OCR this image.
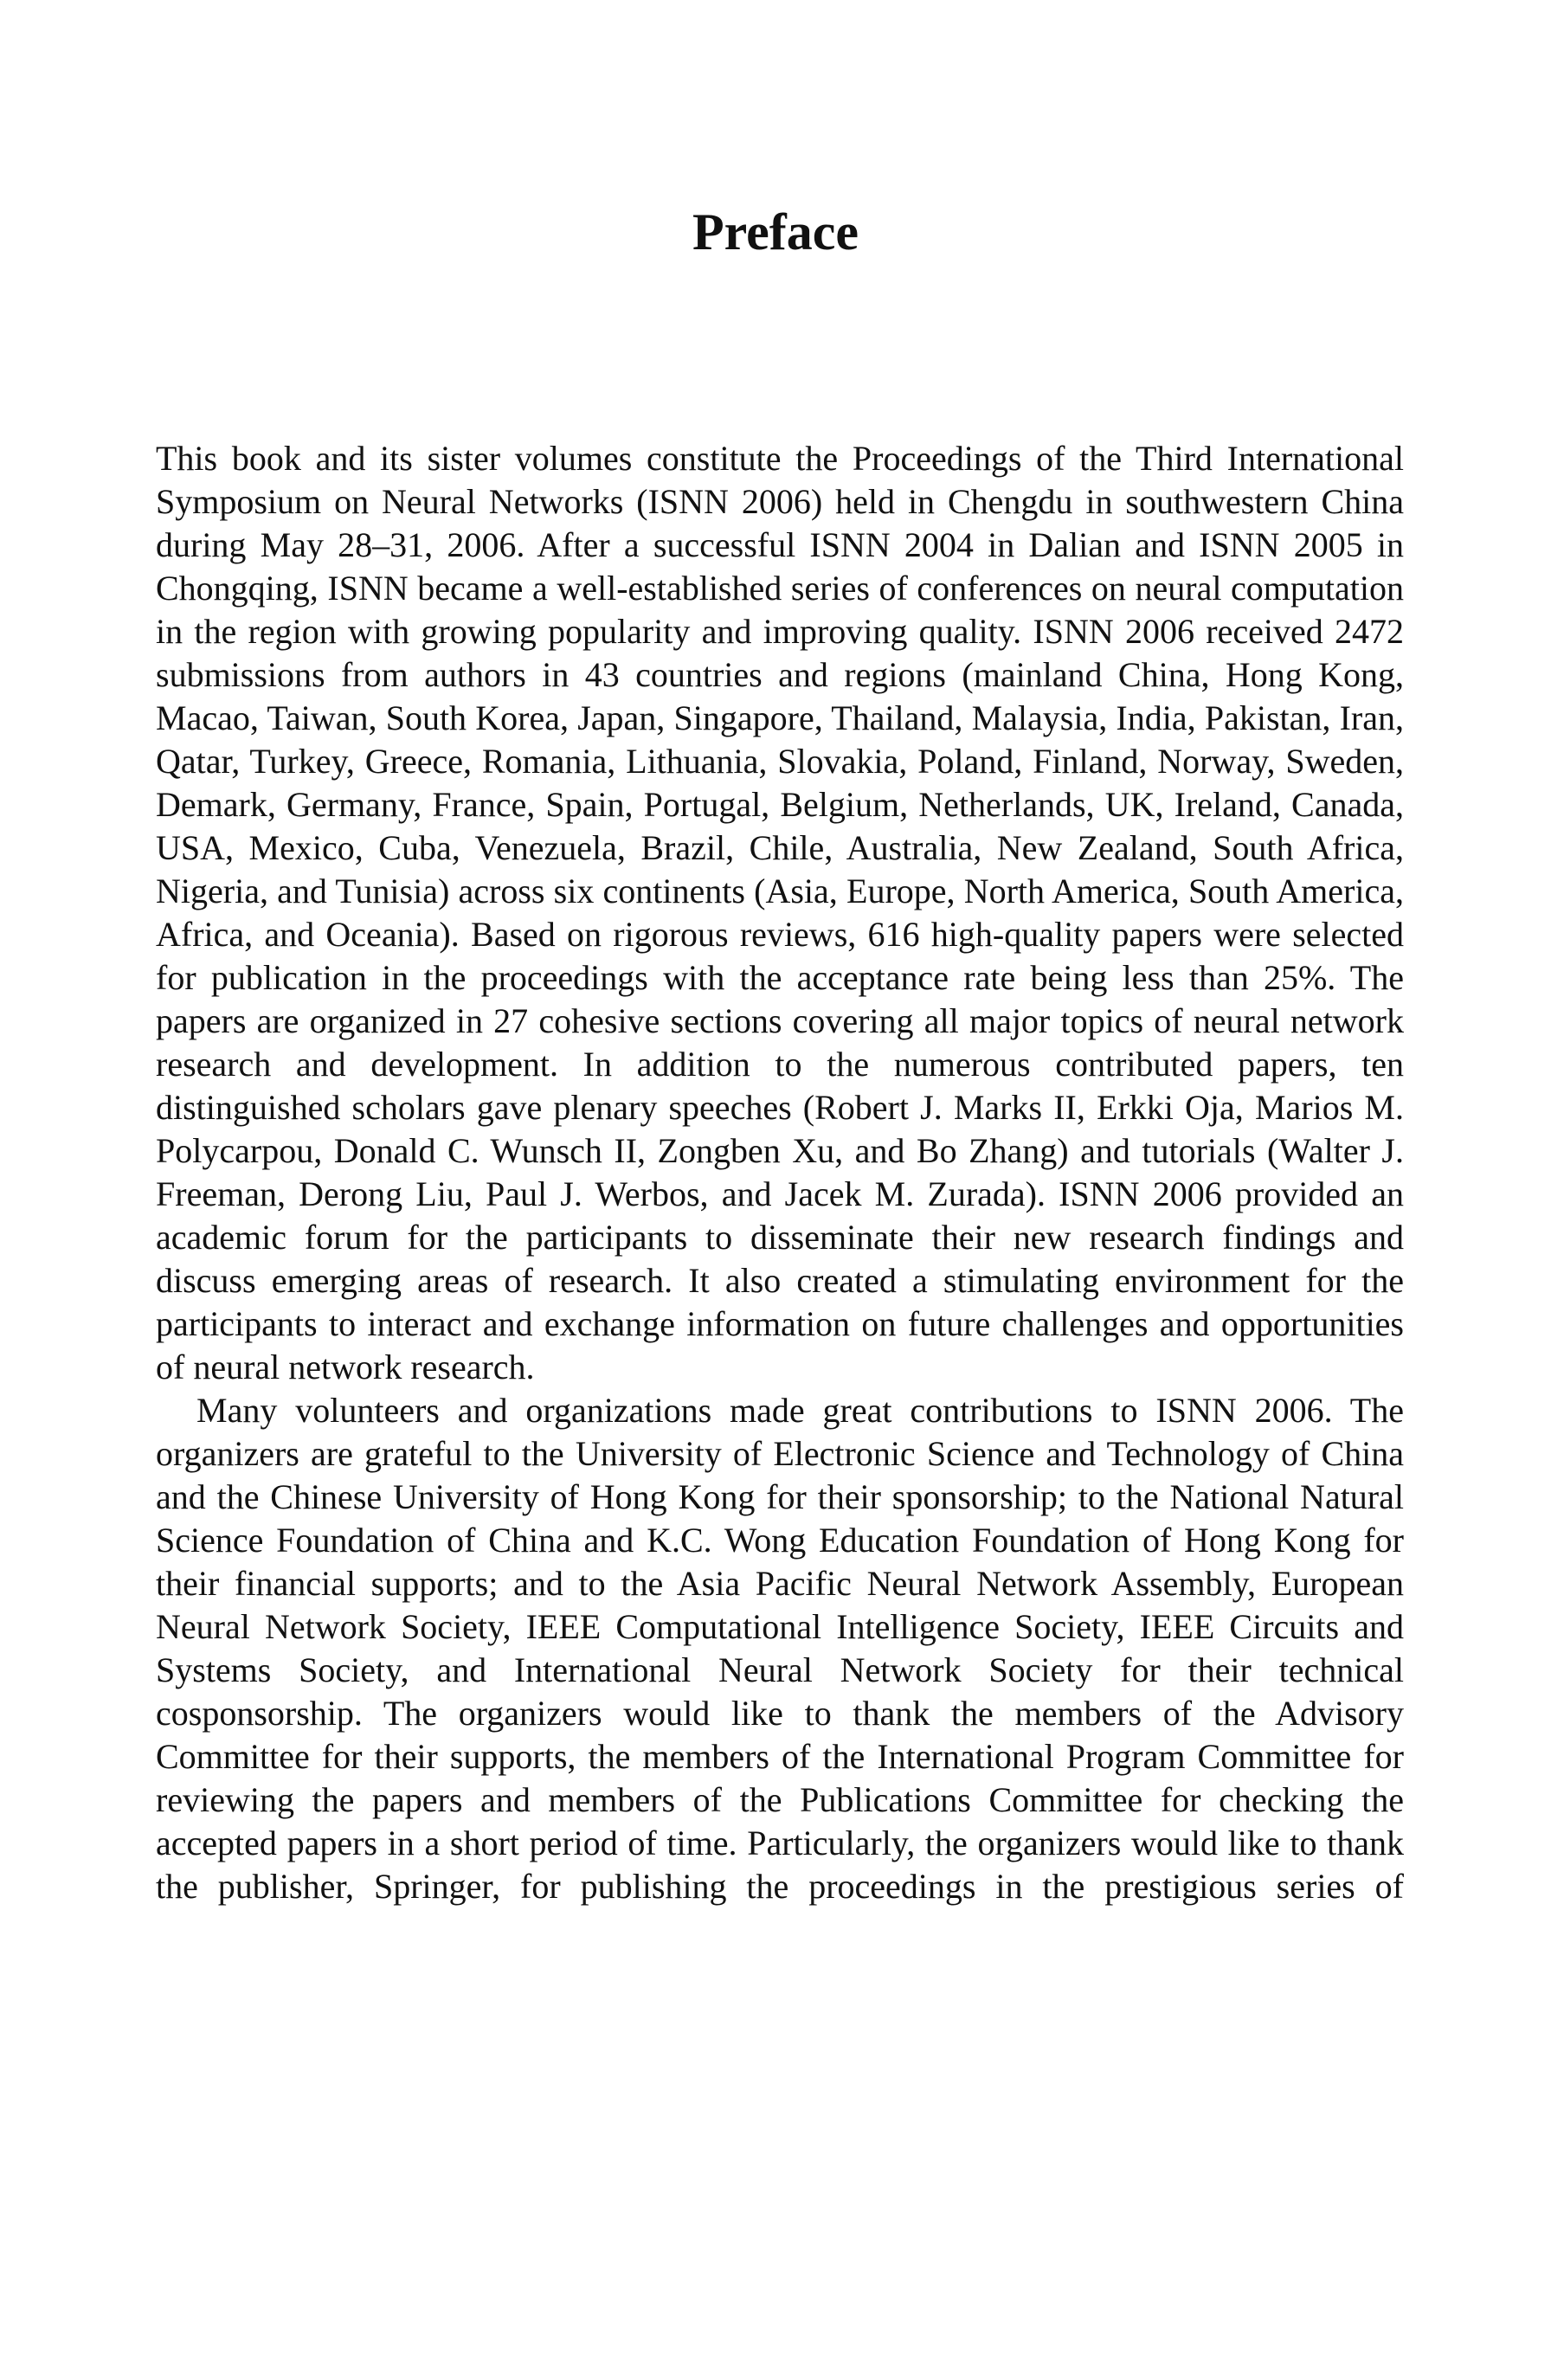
Preface

This book and its sister volumes constitute the Proceedings of the Third International Symposium on Neural Networks (ISNN 2006) held in Chengdu in southwestern China during May 28–31, 2006. After a successful ISNN 2004 in Dalian and ISNN 2005 in Chongqing, ISNN became a well-established series of conferences on neural computation in the region with growing popularity and improving quality. ISNN 2006 received 2472 submissions from authors in 43 countries and regions (mainland China, Hong Kong, Macao, Taiwan, South Korea, Japan, Singapore, Thailand, Malaysia, India, Pakistan, Iran, Qatar, Turkey, Greece, Romania, Lithuania, Slovakia, Poland, Finland, Norway, Sweden, Demark, Germany, France, Spain, Portugal, Belgium, Netherlands, UK, Ireland, Canada, USA, Mexico, Cuba, Venezuela, Brazil, Chile, Australia, New Zealand, South Africa, Nigeria, and Tunisia) across six continents (Asia, Europe, North America, South America, Africa, and Oceania). Based on rigorous reviews, 616 high-quality papers were selected for publication in the proceedings with the acceptance rate being less than 25%. The papers are organized in 27 cohesive sections covering all major topics of neural network research and development. In addition to the numerous contributed papers, ten distinguished scholars gave plenary speeches (Robert J. Marks II, Erkki Oja, Marios M. Polycarpou, Donald C. Wunsch II, Zongben Xu, and Bo Zhang) and tutorials (Walter J. Freeman, Derong Liu, Paul J. Werbos, and Jacek M. Zurada). ISNN 2006 provided an academic forum for the participants to disseminate their new research findings and discuss emerging areas of research. It also created a stimulating environment for the participants to interact and exchange information on future challenges and opportunities of neural network research.

Many volunteers and organizations made great contributions to ISNN 2006. The organizers are grateful to the University of Electronic Science and Technology of China and the Chinese University of Hong Kong for their sponsorship; to the National Natural Science Foundation of China and K.C. Wong Education Foundation of Hong Kong for their financial supports; and to the Asia Pacific Neural Network Assembly, European Neural Network Society, IEEE Computational Intelligence Society, IEEE Circuits and Systems Society, and International Neural Network Society for their technical cosponsorship. The organizers would like to thank the members of the Advisory Committee for their supports, the members of the International Program Committee for reviewing the papers and members of the Publications Committee for checking the accepted papers in a short period of time. Particularly, the organizers would like to thank the publisher, Springer, for publishing the proceedings in the prestigious series of
